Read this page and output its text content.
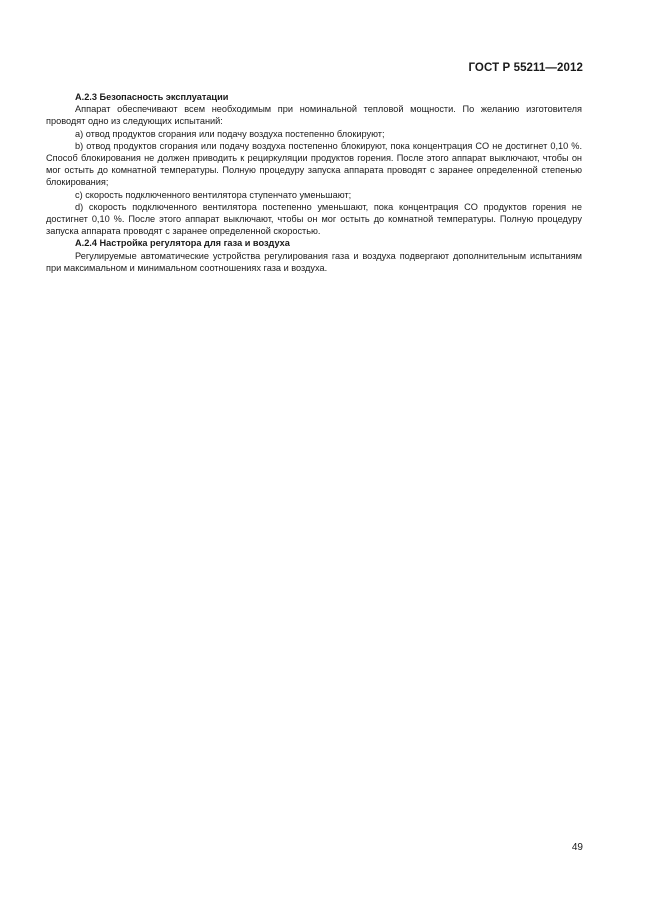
ГОСТ Р 55211—2012

A.2.3 Безопасность эксплуатации

Аппарат обеспечивают всем необходимым при номинальной тепловой мощности. По желанию изготовителя проводят одно из следующих испытаний:

a) отвод продуктов сгорания или подачу воздуха постепенно блокируют;

b) отвод продуктов сгорания или подачу воздуха постепенно блокируют, пока концентрация CO не достигнет 0,10 %. Способ блокирования не должен приводить к рециркуляции продуктов горения. После этого аппарат выключают, чтобы он мог остыть до комнатной температуры. Полную процедуру запуска аппарата проводят с заранее определенной степенью блокирования;

c) скорость подключенного вентилятора ступенчато уменьшают;

d) скорость подключенного вентилятора постепенно уменьшают, пока концентрация CO продуктов горения не достигнет 0,10 %. После этого аппарат выключают, чтобы он мог остыть до комнатной температуры. Полную процедуру запуска аппарата проводят с заранее определенной скоростью.

A.2.4 Настройка регулятора для газа и воздуха

Регулируемые автоматические устройства регулирования газа и воздуха подвергают дополнительным испытаниям при максимальном и минимальном соотношениях газа и воздуха.

49
